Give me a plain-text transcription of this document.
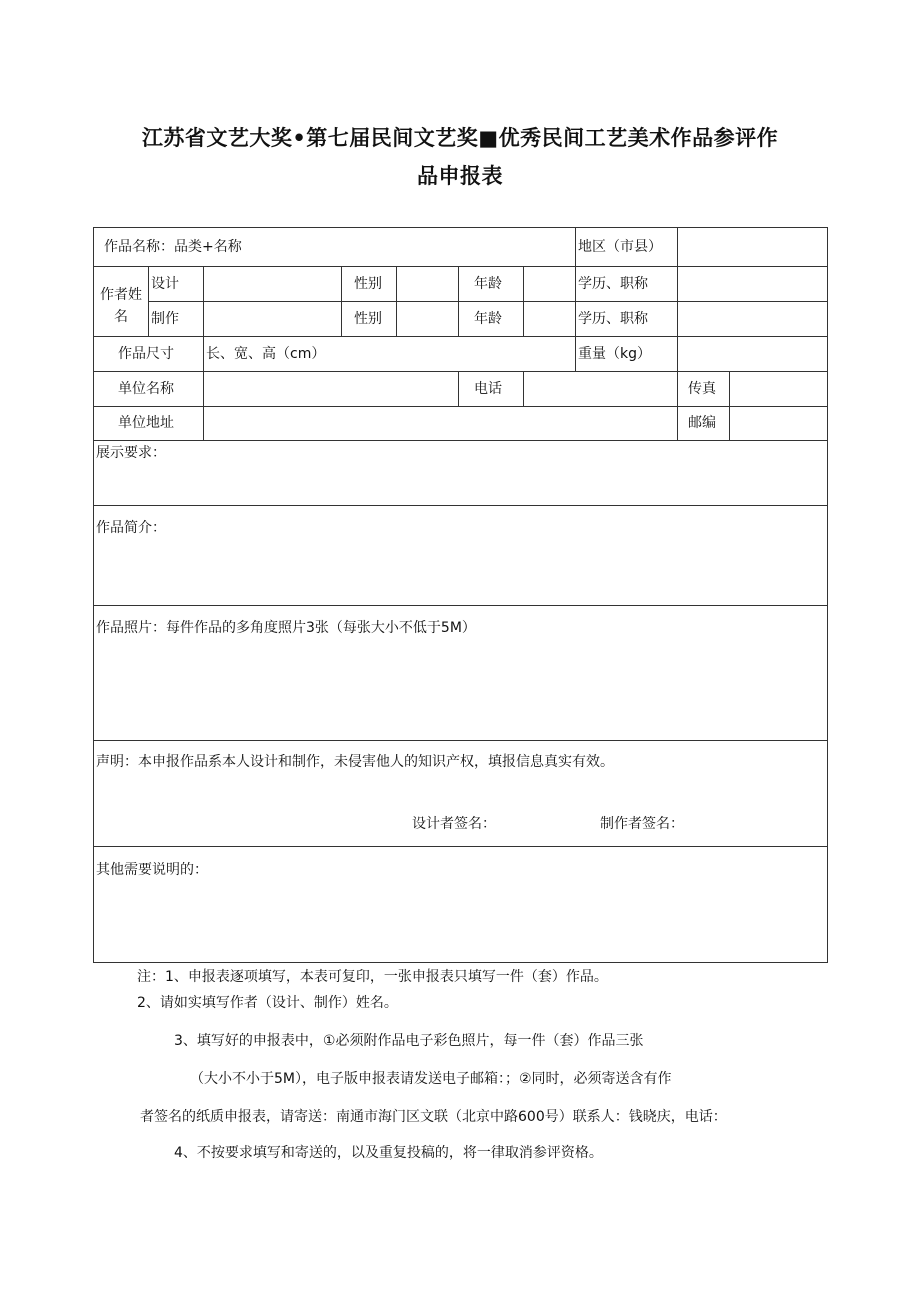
江苏省文艺大奖•第七届民间文艺奖■优秀民间工艺美术作品参评作
品申报表
作品名称：品类+名称	地区（市县）
作者姓名
设计	性别	年龄	学历、职称
制作	性别	年龄	学历、职称
作品尺寸 长、宽、高（cm）	重量（kg）
单位名称	电话	传真
单位地址	邮编
展示要求：
作品简介：
作品照片：每件作品的多角度照片3张（每张大小不低于5M）
声明：本申报作品系本人设计和制作，未侵害他人的知识产权，填报信息真实有效。
设计者签名：	制作者签名：
其他需要说明的：
注：1、申报表逐项填写，本表可复印，一张申报表只填写一件（套）作品。
2、请如实填写作者（设计、制作）姓名。
3、填写好的申报表中，①必须附作品电子彩色照片，每一件（套）作品三张
（大小不小于5M），电子版申报表请发送电子邮箱：；②同时，必须寄送含有作
者签名的纸质申报表，请寄送：南通市海门区文联（北京中路600号）联系人：钱晓庆，电话：
4、不按要求填写和寄送的，以及重复投稿的，将一律取消参评资格。
